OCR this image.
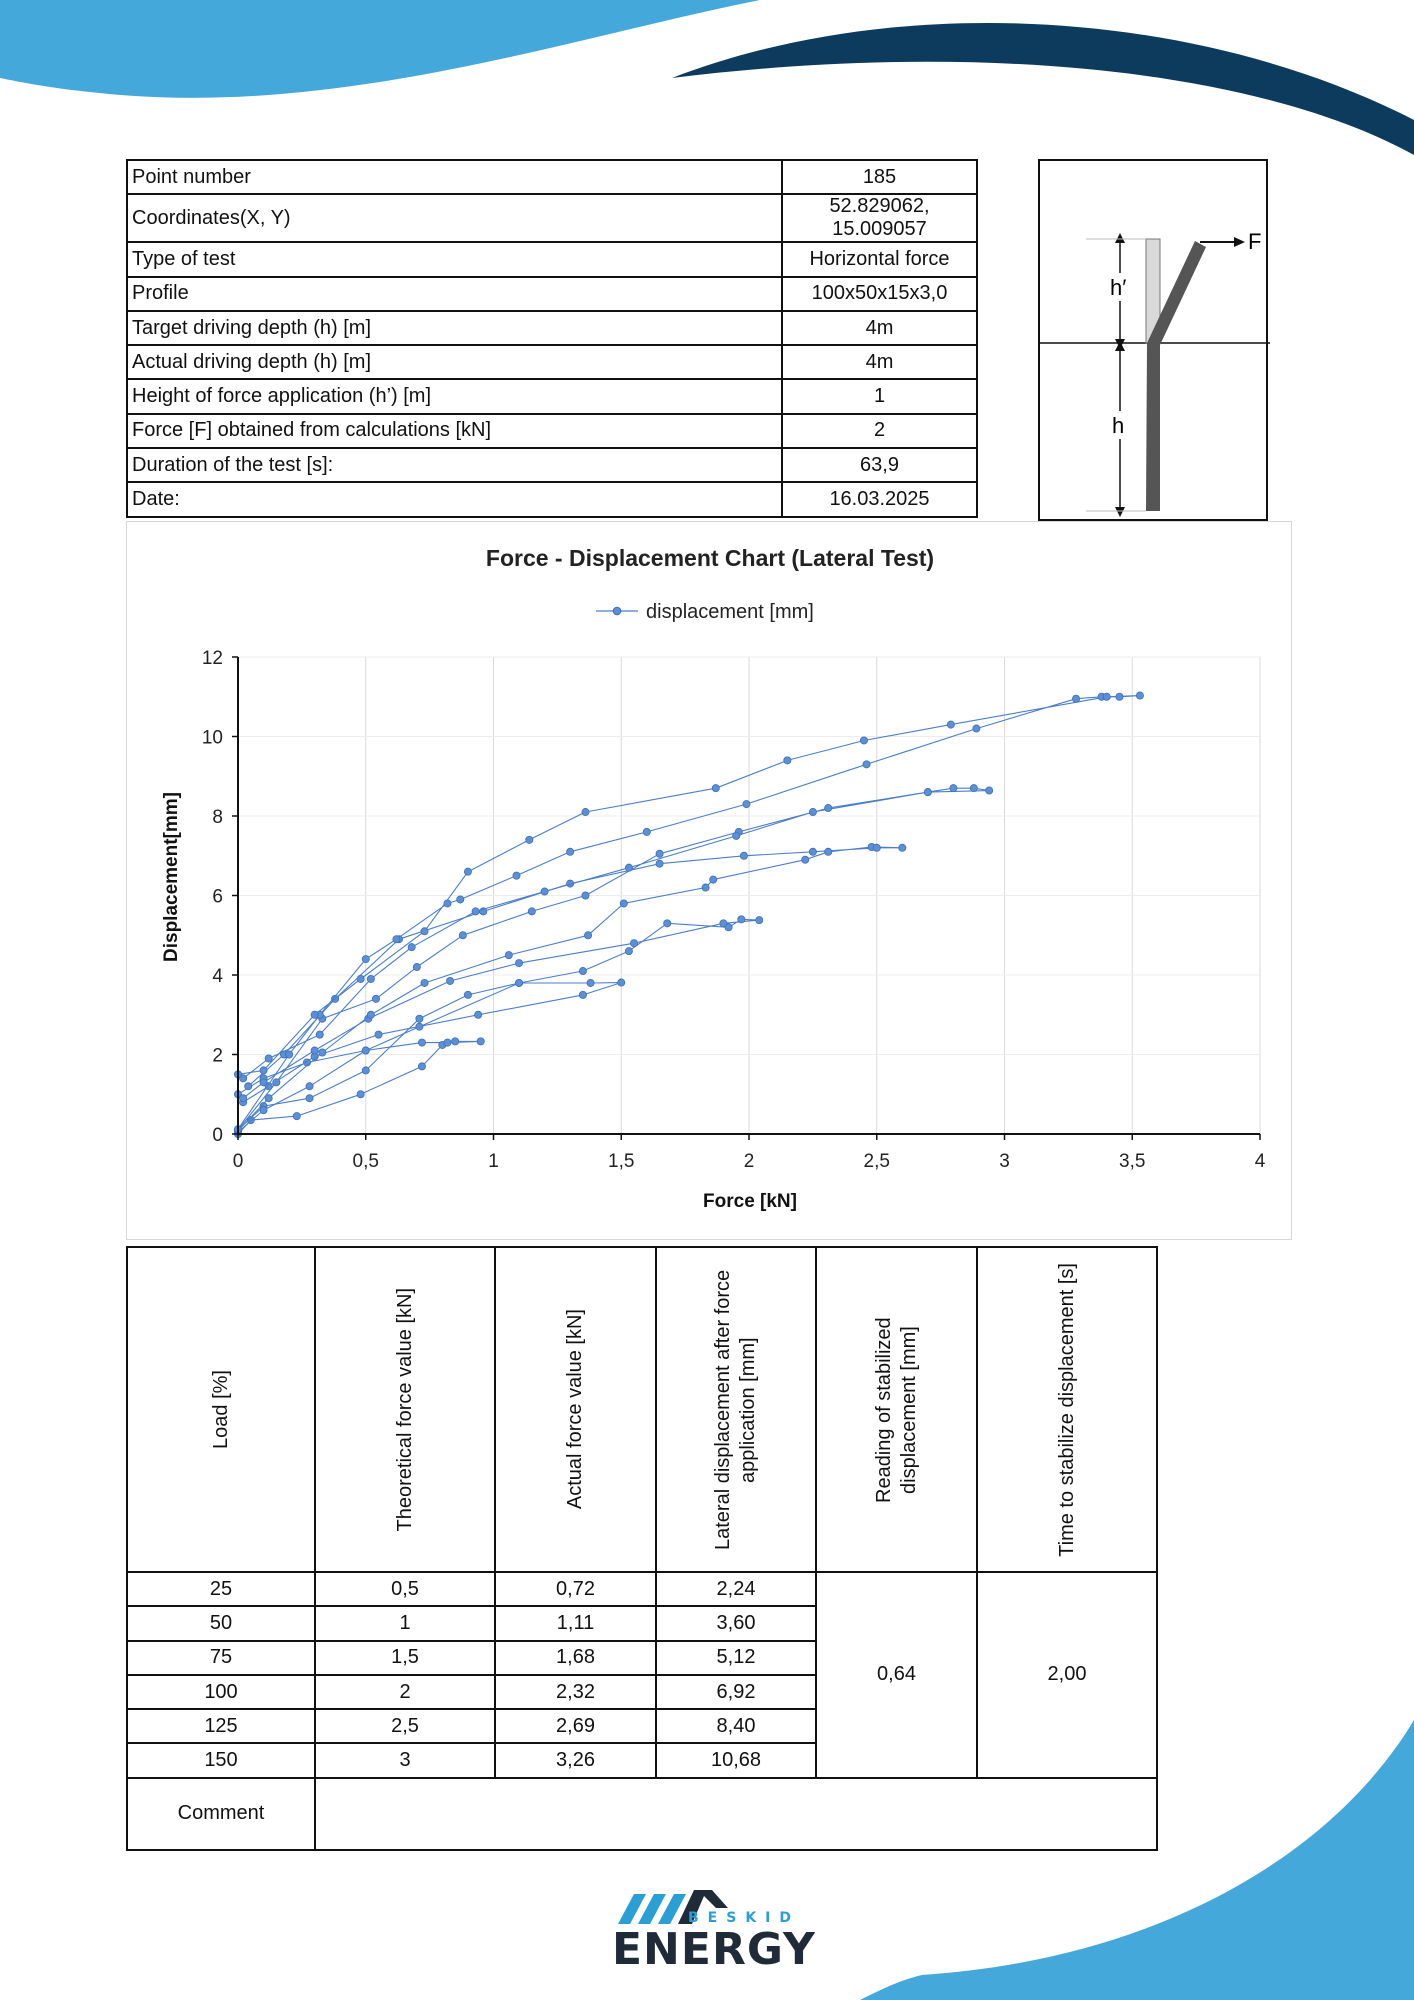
Point number	185
Coordinates(X, Y)	52.829062, 15.009057
Type of test	Horizontal force
Profile	100x50x15x3,0
Target driving depth (h) [m]	4m
Actual driving depth (h) [m]	4m
Height of force application (h’) [m]	1
Force [F] obtained from calculations [kN]	2
Duration of the test [s]:	63,9
Date:	16.03.2025
F
h′
h
0	0,5	1	1,5	2	2,5	3	3,5	4
0
2
4
6
8
10
12
Force - Displacement Chart (Lateral Test)
displacement [mm]
Force [kN]
Displacement[mm]
Load [%]	Theoretical force value [kN]	Actual force value [kN]	Lateral displacement after force application [mm]	Reading of stabilized displacement [mm]	Time to stabilize displacement [s]

25	0,5	0,72	2,24	0,64	2,00
50	1	1,11	3,60		
75	1,5	1,68	5,12		
100	2	2,32	6,92		
125	2,5	2,69	8,40		
150	3	3,26	10,68		
Comment					
BESKID
ENERGY
